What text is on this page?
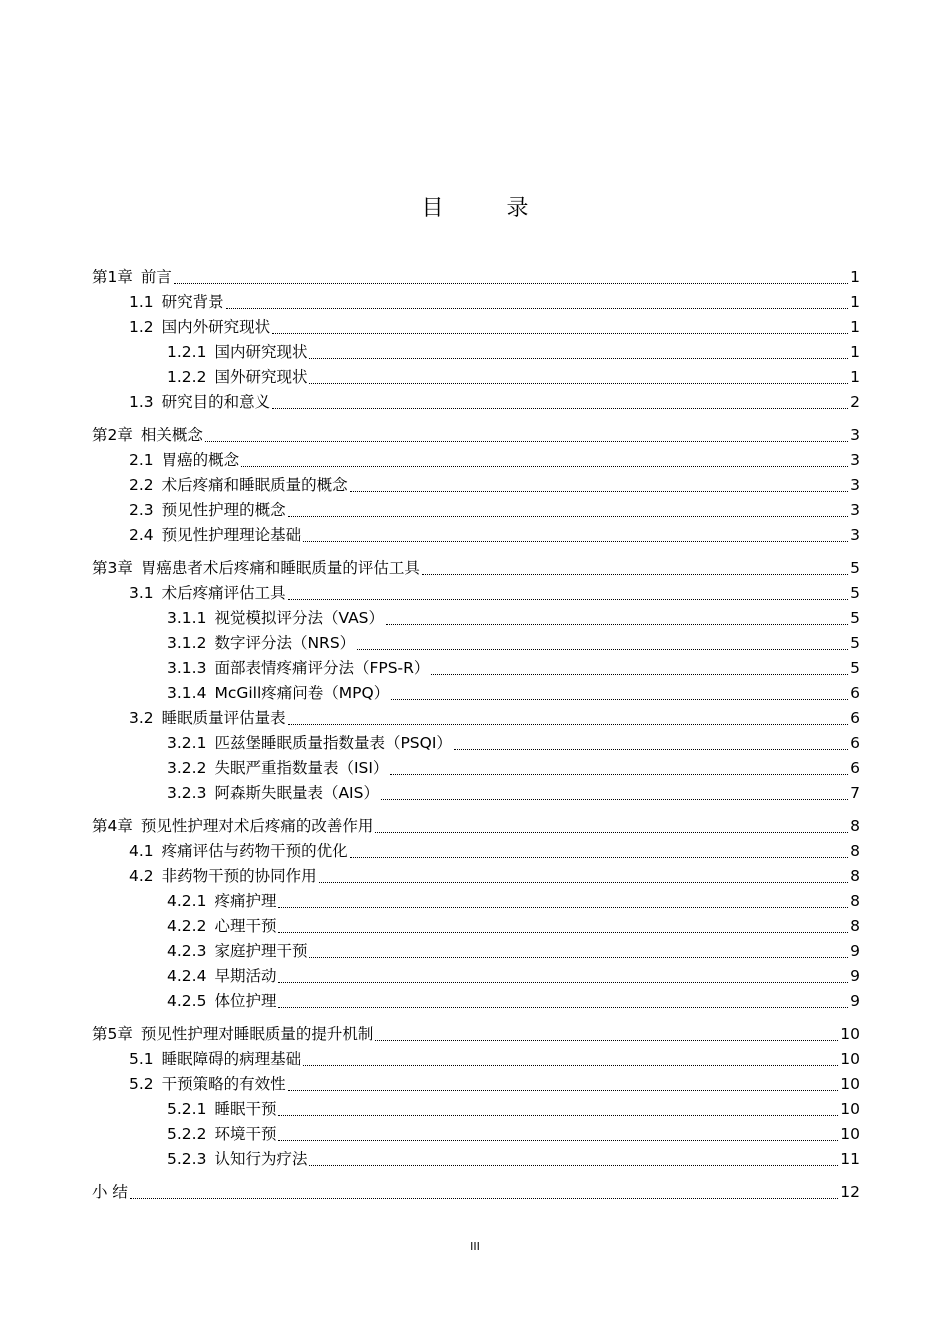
目 录
第1章 前言	1
1.1 研究背景	1
1.2 国内外研究现状	1
1.2.1 国内研究现状	1
1.2.2 国外研究现状	1
1.3 研究目的和意义	2
第2章 相关概念	3
2.1 胃癌的概念	3
2.2 术后疼痛和睡眠质量的概念	3
2.3 预见性护理的概念	3
2.4 预见性护理理论基础	3
第3章 胃癌患者术后疼痛和睡眠质量的评估工具	5
3.1 术后疼痛评估工具	5
3.1.1 视觉模拟评分法（VAS）	5
3.1.2 数字评分法（NRS）	5
3.1.3 面部表情疼痛评分法（FPS-R）	5
3.1.4 McGill疼痛问卷（MPQ）	6
3.2 睡眠质量评估量表	6
3.2.1 匹兹堡睡眠质量指数量表（PSQI）	6
3.2.2 失眠严重指数量表（ISI）	6
3.2.3 阿森斯失眠量表（AIS）	7
第4章 预见性护理对术后疼痛的改善作用	8
4.1 疼痛评估与药物干预的优化	8
4.2 非药物干预的协同作用	8
4.2.1 疼痛护理	8
4.2.2 心理干预	8
4.2.3 家庭护理干预	9
4.2.4 早期活动	9
4.2.5 体位护理	9
第5章 预见性护理对睡眠质量的提升机制	10
5.1 睡眠障碍的病理基础	10
5.2 干预策略的有效性	10
5.2.1 睡眠干预	10
5.2.2 环境干预	10
5.2.3 认知行为疗法	11
小 结	12
III
